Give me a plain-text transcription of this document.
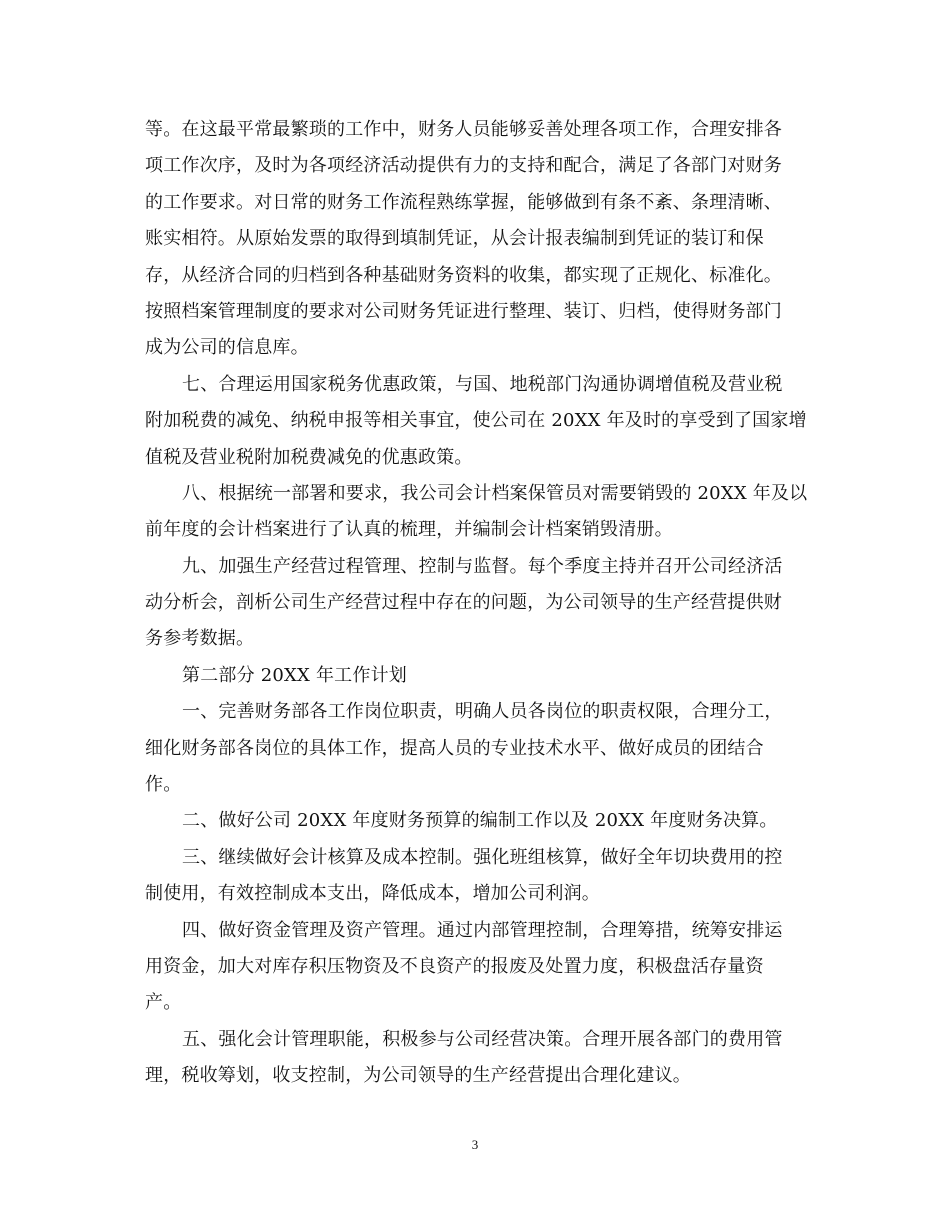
等。在这最平常最繁琐的工作中，财务人员能够妥善处理各项工作，合理安排各
项工作次序，及时为各项经济活动提供有力的支持和配合，满足了各部门对财务
的工作要求。对日常的财务工作流程熟练掌握，能够做到有条不紊、条理清晰、
账实相符。从原始发票的取得到填制凭证，从会计报表编制到凭证的装订和保
存，从经济合同的归档到各种基础财务资料的收集，都实现了正规化、标准化。
按照档案管理制度的要求对公司财务凭证进行整理、装订、归档，使得财务部门
成为公司的信息库。
七、合理运用国家税务优惠政策，与国、地税部门沟通协调增值税及营业税
附加税费的减免、纳税申报等相关事宜，使公司在 20XX 年及时的享受到了国家增
值税及营业税附加税费减免的优惠政策。
八、根据统一部署和要求，我公司会计档案保管员对需要销毁的 20XX 年及以
前年度的会计档案进行了认真的梳理，并编制会计档案销毁清册。
九、加强生产经营过程管理、控制与监督。每个季度主持并召开公司经济活
动分析会，剖析公司生产经营过程中存在的问题，为公司领导的生产经营提供财
务参考数据。
第二部分 20XX 年工作计划
一、完善财务部各工作岗位职责，明确人员各岗位的职责权限，合理分工，
细化财务部各岗位的具体工作，提高人员的专业技术水平、做好成员的团结合
作。
二、做好公司 20XX 年度财务预算的编制工作以及 20XX 年度财务决算。
三、继续做好会计核算及成本控制。强化班组核算，做好全年切块费用的控
制使用，有效控制成本支出，降低成本，增加公司利润。
四、做好资金管理及资产管理。通过内部管理控制，合理筹措，统筹安排运
用资金，加大对库存积压物资及不良资产的报废及处置力度，积极盘活存量资
产。
五、强化会计管理职能，积极参与公司经营决策。合理开展各部门的费用管
理，税收筹划，收支控制，为公司领导的生产经营提出合理化建议。
3
